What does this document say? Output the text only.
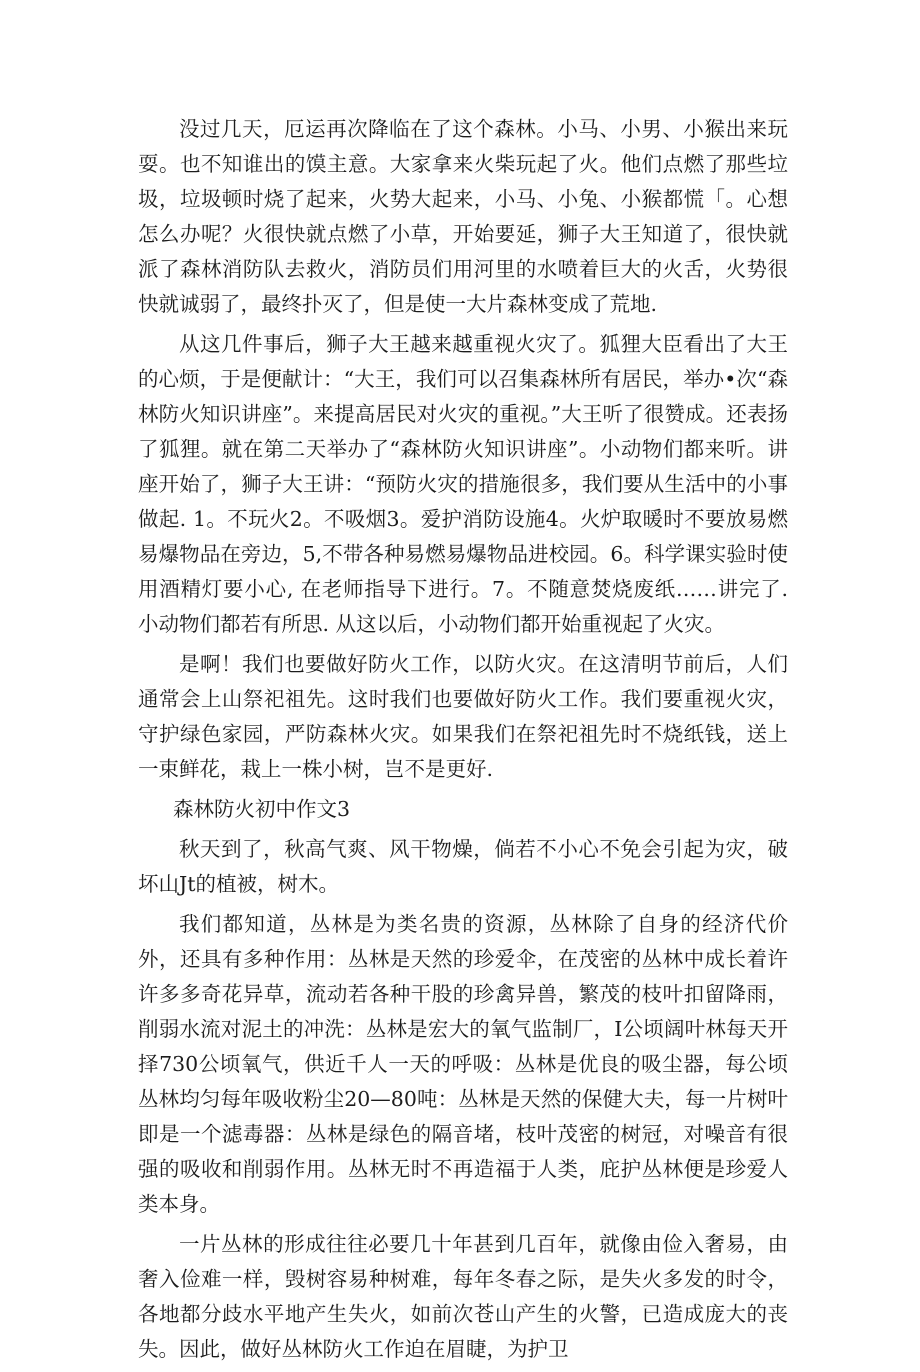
没过几天，厄运再次降临在了这个森林。小马、小男、小猴出来玩耍。也不知谁出的馍主意。大家拿来火柴玩起了火。他们点燃了那些垃圾，垃圾顿时烧了起来，火势大起来，小马、小兔、小猴都慌「。心想怎么办呢？火很快就点燃了小草，开始要延，狮子大王知道了，很快就派了森林消防队去救火，消防员们用河里的水喷着巨大的火舌，火势很快就诚弱了，最终扑灭了，但是使一大片森林变成了荒地.

从这几件事后，狮子大王越来越重视火灾了。狐狸大臣看出了大王的心烦，于是便献计：“大王，我们可以召集森林所有居民，举办•次“森林防火知识讲座”。来提高居民对火灾的重视。”大王听了很赞成。还表扬了狐狸。就在第二天举办了“森林防火知识讲座”。小动物们都来听。讲座开始了，狮子大王讲：“预防火灾的措施很多，我们要从生活中的小事做起. 1。不玩火2。不吸烟3。爱护消防设施4。火炉取暖时不要放易燃易爆物品在旁边，5,不带各种易燃易爆物品进校园。6。科学课实验时使用酒精灯要小心, 在老师指导下进行。7。不随意焚烧废纸……讲完了. 小动物们都若有所思. 从这以后，小动物们都开始重视起了火灾。

是啊！我们也要做好防火工作，以防火灾。在这清明节前后，人们通常会上山祭祀祖先。这时我们也要做好防火工作。我们要重视火灾，守护绿色家园，严防森林火灾。如果我们在祭祀祖先时不烧纸钱，送上一束鲜花，栽上一株小树，岂不是更好.

森林防火初中作文3

秋天到了，秋高气爽、风干物燥，倘若不小心不免会引起为灾，破坏山Jt的植被，树木。

我们都知道，丛林是为类名贵的资源，丛林除了自身的经济代价外，还具有多种作用：丛林是天然的珍爱伞，在茂密的丛林中成长着许许多多奇花异草，流动若各种干股的珍禽异兽，繁茂的枝叶扣留降雨，削弱水流对泥土的冲洗：丛林是宏大的氧气监制厂，I公顷阔叶林每天开择730公顷氧气，供近千人一天的呼吸：丛林是优良的吸尘器，每公顷丛林均匀每年吸收粉尘20—80吨：丛林是天然的保健大夫，每一片树叶即是一个滤毒器：丛林是绿色的隔音堵，枝叶茂密的树冠，对噪音有很强的吸收和削弱作用。丛林无时不再造福于人类，庇护丛林便是珍爱人类本身。

一片丛林的形成往往必要几十年甚到几百年，就像由俭入奢易，由奢入俭难一样，毁树容易种树难，每年冬春之际，是失火多发的时令，各地都分歧水平地产生失火，如前次苍山产生的火警，已造成庞大的丧失。因此，做好丛林防火工作迫在眉睫，为护卫
